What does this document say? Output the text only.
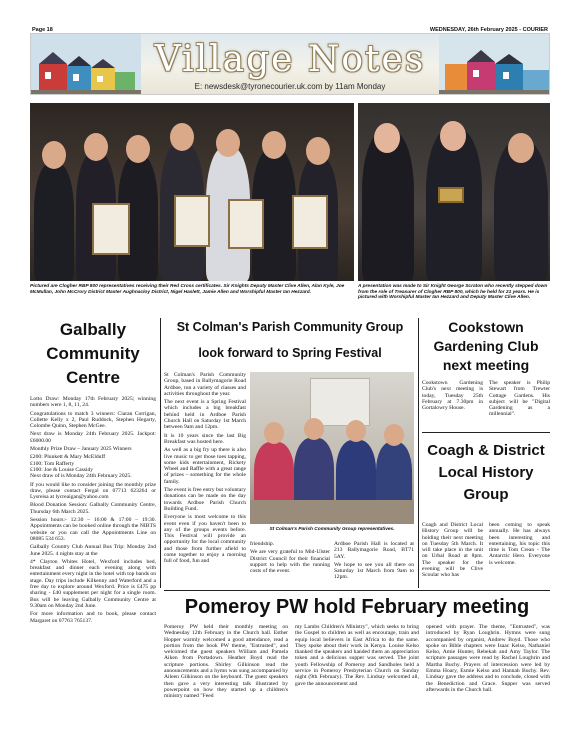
Page 18	WEDNESDAY, 26th February 2025 - COURIER
Village Notes
E: newsdesk@tyronecourier.uk.com by 11am Monday
Pictured are Clogher RBP 800 representatives receiving their Red Cross certificates. Sir Knights Deputy Master Clive Allen, Alan Kyle, Joe McMullan, John McCrory District Master Aughnacloy District, Nigel Haslett, Jamie Allen and Worshipful Master Ian Hezzard.
A presentation was made to Sir Knight George Scraton who recently stepped down from the role of Treasurer of Clogher RBP 800, which he held for 21 years. He is pictured with Worshipful Master Ian Hezzard and Deputy Master Clive Allen.
Galbally Community Centre

Lotto Draw: Monday 17th February 2025; winning numbers were 1, 8, 11, 24.

Congratulations to match 3 winners: Ciaran Corrigan, Collette Kelly x 2, Paul Ruddock, Stephen Hegarty, Colombe Quinn, Stephen McGee.

Next draw is Monday 24th February 2025. Jackpot: £6000.00

Monthly Prize Draw – January 2025 Winners

£200: Plunkett & Mary McElduff
£100: Tom Rafferty
£100: Joe & Louise Cassidy
Next draw of is Monday 24th February 2025.

If you would like to consider joining the monthly prize draw, please contact Fergal on 07713 623264 or Lysreisa at lycreaigan@yahoo.com

Blood Donation Session: Galbally Community Centre, Thursday 6th March 2025.

Session hours:- 12:30 – 16:00 & 17:00 – 19:30. Appointments can be booked online through the NIBTS website or you can call the Appointments Line on 08085 534 653.

Galbally Country Club Annual Bus Trip: Monday 2nd June 2025. 4 nights stay at the

4* Clayton Whites Hotel, Wexford includes bed, breakfast and dinner each evening along with entertainment every night in the hotel with top bands on stage. Day trips include Kilkenny and Waterford and a free day to explore around Wexford. Price is £475 pp sharing - £40 supplement per night for a single room. Bus will be leaving Galbally Community Centre at 9.30am on Monday 2nd June.

For more information and to book, please contact Margaret on 07763 765137.

St Colman's Parish Community Group
look forward to Spring Festival

St Colman's Parish Community Group, based in Ballymagorie Road Ardboe, run a variety of classes and activities throughout the year.

The next event is a Spring Festival which includes a big breakfast behind held in Ardboe Parish Church Hall on Saturday 1st March between 9am and 12pm.

It is 10 years since the last Big Breakfast was hosted here.

As well as a big fry up there is also live music to get those toes tapping, some kids entertainment, Rickety Wheel and Raffle with a great range of prizes – something for the whole family.

The event is free entry but voluntary donations can be made on the day towards Ardboe Parish Church Building Fund.

Everyone is most welcome to this event even if you haven't been to any of the groups events before. This Festival will provide an opportunity for the local community and those from further afield to come together to enjoy a morning full of food, fun and

St Colman's Parish Community Group representatives.

friendship.

We are very grateful to Mid-Ulster District Council for their financial support to help with the running costs of the event.

Ardboe Parish Hall is located at 213 Ballymagorie Road, BT71 5AY.

We hope to see you all there on Saturday 1st March from 9am to 12pm.

Cookstown Gardening Club next meeting
Cookstown Gardening Club's next meeting is today, Tuesday 25th February at 7.30pm in Gortalowry House.
The speaker is Philip Stewart from Trewter Cottage Gardens. His subject will be "Digital Gardening as a millennial".
Coagh & District Local History Group
Coagh and District Local History Group will be holding their next meeting on Tuesday 5th March. It will take place in the unit on Urbal Road at 8pm. The speaker for the evening will be Clive Scoular who has
been coming to speak annually. He has always been interesting and entertaining, his topic this time is Tom Crean - The Antarctic Hero. Everyone is welcome.
Pomeroy PW hold February meeting
Pomeroy PW held their monthly meeting on Wednesday 12th February in the Church hall. Esther Hopper warmly welcomed a good attendance, read a portion from the book PW theme, "Entrusted", and welcomed the guest speakers William and Pamela Aiken from Portadown. Heather Boyd read the scripture portions. Shirley Gilkinson read the announcements and a hymn was sung accompanied by Aileen Gilkinson on the keyboard. The guest speakers then gave a very interesting talk illustrated by powerpoint on how they started up a children's ministry named "Feed
my Lambs Children's Ministry", which seeks to bring the Gospel to children as well as encourage, train and equip local believers in East Africa to do the same. They spoke about their work in Kenya. Louise Kelso thanked the speakers and handed them an appreciation token and a delicious supper was served. The joint youth Fellowship of Pomeroy and Sandholes held a service in Pomeroy Presbyterian Church on Sunday night (9th February). The Rev. Lindsay welcomed all, gave the announcement and
opened with prayer. The theme, "Entrusted", was introduced by Ryan Loughrin. Hymns were sung accompanied by organist, Andrew Boyd. Those who spoke on Bible chapters were Isaac Kelso, Nathaniel Kelso, Amie Hunter, Rebekah and Amy Taylor. The scripture passages were read by Rachel Loughrin and Martha Buchy. Prayers of intercession were led by Emma Hoary, Esmie Kelso and Hannah Buchy. Rev. Lindsay gave the address and to conclude, closed with the Benediction and Grace. Supper was served afterwards in the Church hall.
